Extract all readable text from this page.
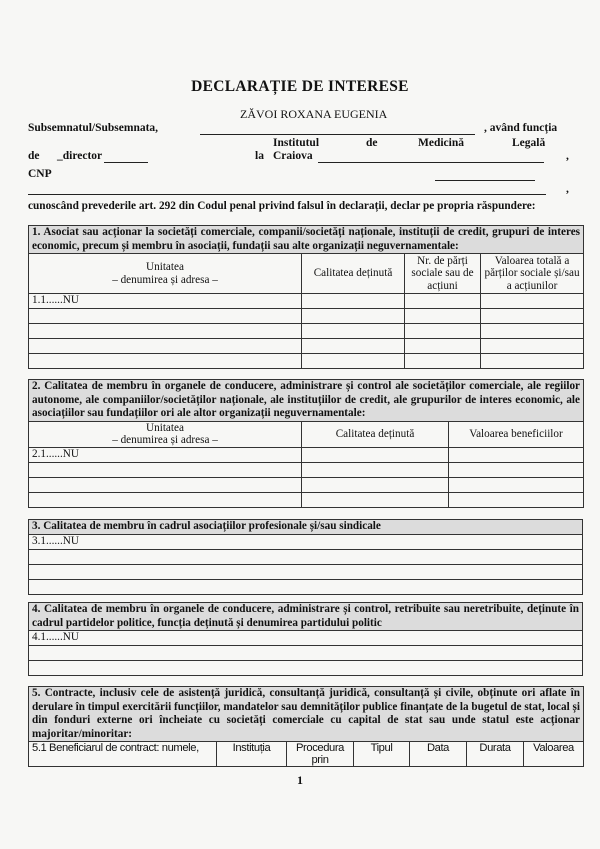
DECLARAȚIE DE INTERESE
ZĂVOI ROXANA EUGENIA
Subsemnatul/Subsemnata,	, având funcția
Institutul	de	Medicină	Legală
de _director	la Craiova	,
CNP
,
cunoscând prevederile art. 292 din Codul penal privind falsul în declarații, declar pe propria răspundere:
1. Asociat sau acționar la societăți comerciale, companii/societăți naționale, instituții de credit, grupuri de interes economic, precum și membru în asociații, fundații sau alte organizații neguvernamentale:			

Unitatea
– denumirea și adresa –	Calitatea deținută	Nr. de părți sociale sau de acțiuni	Valoarea totală a părților sociale și/sau a acțiunilor
1.1......NU			

2. Calitatea de membru în organele de conducere, administrare și control ale societăților comerciale, ale regiilor autonome, ale companiilor/societăților naționale, ale instituțiilor de credit, ale grupurilor de interes economic, ale asociațiilor sau fundațiilor ori ale altor organizații neguvernamentale:		

Unitatea
– denumirea și adresa –	Calitatea deținută	Valoarea beneficiilor
2.1......NU		

3. Calitatea de membru în cadrul asociațiilor profesionale și/sau sindicale
3.1......NU

4. Calitatea de membru în organele de conducere, administrare și control, retribuite sau neretribuite, deținute în cadrul partidelor politice, funcția deținută și denumirea partidului politic
4.1......NU

5. Contracte, inclusiv cele de asistență juridică, consultanță juridică, consultanță și civile, obținute ori aflate în derulare în timpul exercitării funcțiilor, mandatelor sau demnităților publice finanțate de la bugetul de stat, local și din fonduri externe ori încheiate cu societăți comerciale cu capital de stat sau unde statul este acționar majoritar/minoritar:
5.1 Beneficiarul de contract: numele,	Instituția	Procedura prin	Tipul	Data	Durata	Valoarea
1
